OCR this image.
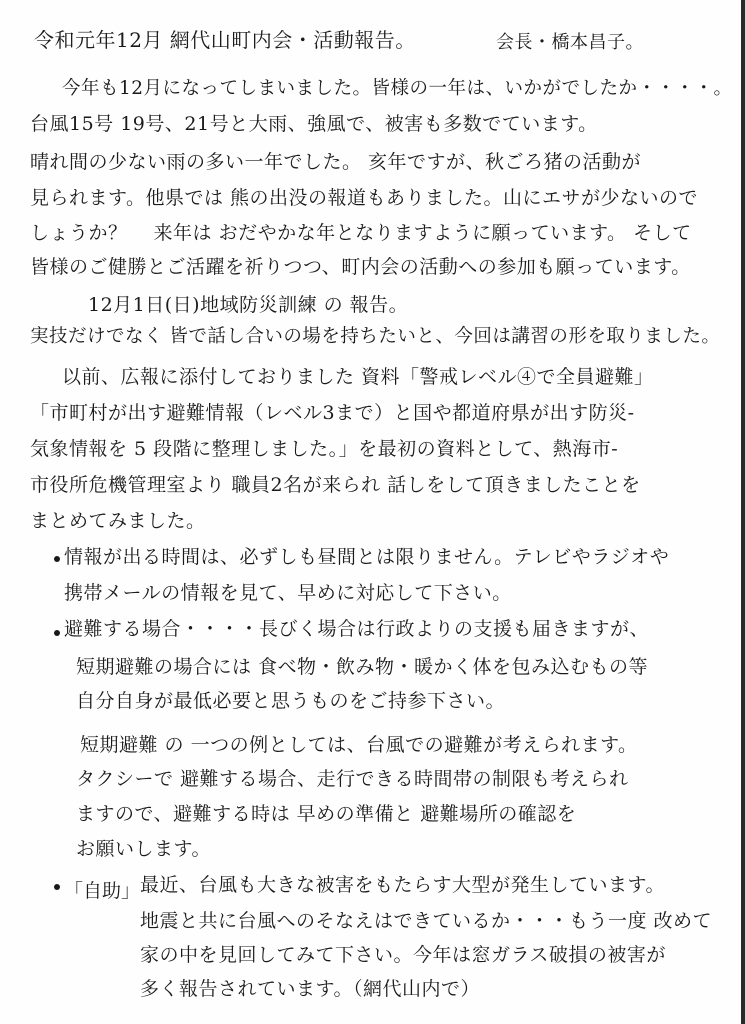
令和元年12月 網代山町内会・活動報告。	会長・橋本昌子。
今年も12月になってしまいました。皆様の一年は、いかがでしたか・・・・。
台風15号 19号、21号と大雨、強風で、被害も多数でています。
晴れ間の少ない雨の多い一年でした。 亥年ですが、秋ごろ猪の活動が
見られます。他県では 熊の出没の報道もありました。山にエサが少ないので
しょうか？　 来年は おだやかな年となりますように願っています。 そして
皆様のご健勝とご活躍を祈りつつ、町内会の活動への参加も願っています。
12月1日(日)地域防災訓練 の 報告。
実技だけでなく 皆で話し合いの場を持ちたいと、今回は講習の形を取りました。
以前、広報に添付しておりました 資料「警戒レベル④で全員避難」
「市町村が出す避難情報（レベル3まで）と国や都道府県が出す防災-
気象情報を 5 段階に整理しました。」を最初の資料として、熱海市-
市役所危機管理室より 職員2名が来られ 話しをして頂きましたことを
まとめてみました。
情報が出る時間は、必ずしも昼間とは限りません。テレビやラジオや
携帯メールの情報を見て、早めに対応して下さい。
避難する場合・・・・長びく場合は行政よりの支援も届きますが、
短期避難の場合には 食べ物・飲み物・暖かく体を包み込むもの等
自分自身が最低必要と思うものをご持参下さい。
短期避難 の 一つの例としては、台風での避難が考えられます。
タクシーで 避難する場合、走行できる時間帯の制限も考えられ
ますので、避難する時は 早めの準備と 避難場所の確認を
お願いします。
「自助」 最近、台風も大きな被害をもたらす大型が発生しています。
地震と共に台風へのそなえはできているか・・・もう一度 改めて
家の中を見回してみて下さい。今年は窓ガラス破損の被害が
多く報告されています。（網代山内で）
